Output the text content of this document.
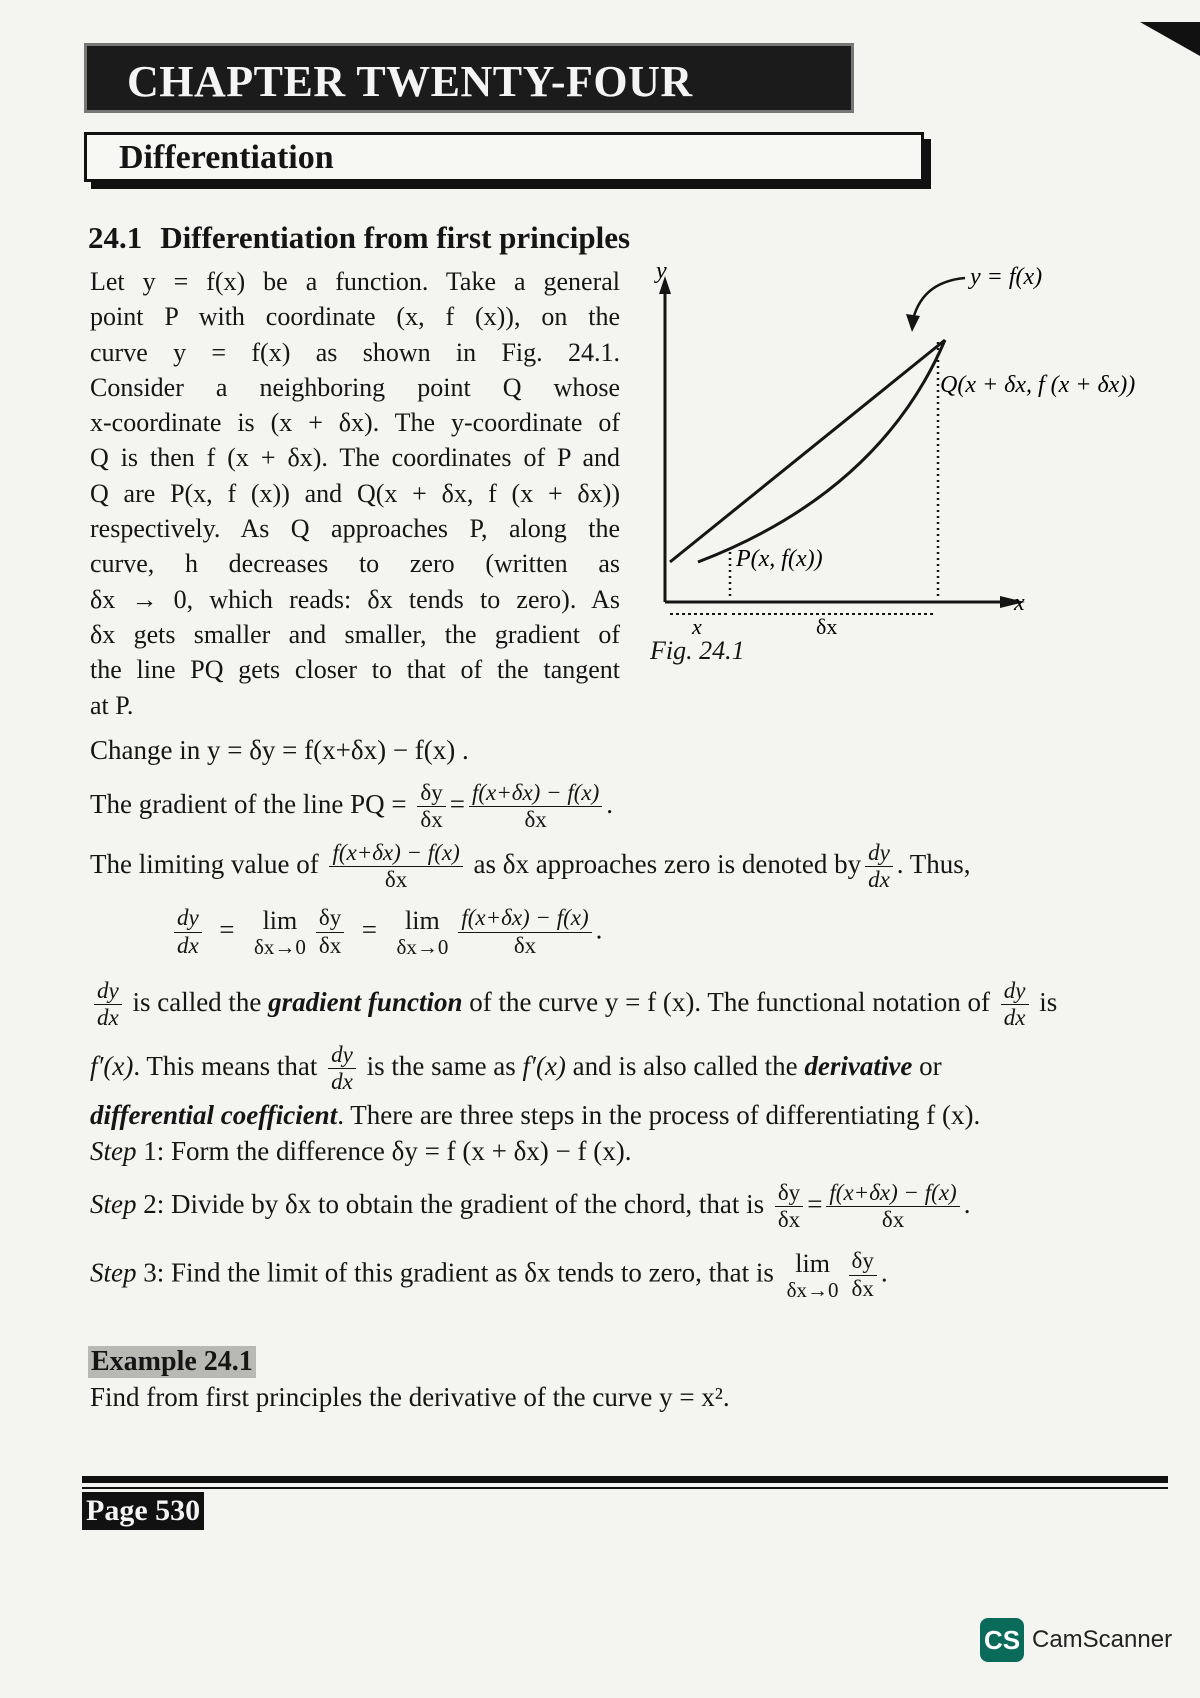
CHAPTER TWENTY-FOUR
Differentiation
24.1 Differentiation from first principles
Let y = f(x) be a function. Take a general
point P with coordinate (x, f (x)), on the
curve y = f(x) as shown in Fig. 24.1.
Consider a neighboring point Q whose
x-coordinate is (x + δx). The y-coordinate of
Q is then f (x + δx). The coordinates of P and
Q are P(x, f (x)) and Q(x + δx, f (x + δx))
respectively. As Q approaches P, along the
curve, h decreases to zero (written as
δx → 0, which reads: δx tends to zero). As
δx gets smaller and smaller, the gradient of
the line PQ gets closer to that of the tangent
at P.
y
x
x	δx
P(x, f(x))
Q(x + δx, f (x + δx))
y = f(x)
Fig. 24.1
Change in y = δy = f(x+δx) − f(x) .
The gradient of the line PQ = $\frac{\delta y}{\delta x} = \frac{f(x+\delta x) - f(x)}{\delta x}$ .
The limiting value of $\frac{f(x+\delta x) - f(x)}{\delta x}$ as δx approaches zero is denoted by $\frac{dy}{dx}$ . Thus,
$\frac{dy}{dx} = \lim$
$\delta x\to 0 \frac{\delta y}{\delta x} = \lim$
$\delta x\to 0 \frac{f(x+\delta x) - f(x)}{\delta x}$ .
$\frac{dy}{dx}$ is called the gradient function of the curve y = f (x). The functional notation of $\frac{dy}{dx}$ is
f′(x). This means that $\frac{dy}{dx}$ is the same as f′(x) and is also called the derivative or
differential coefficient. There are three steps in the process of differentiating f (x).
Step 1: Form the difference δy = f (x + δx) − f (x).
Step 2: Divide by δx to obtain the gradient of the chord, that is $\frac{\delta y}{\delta x} = \frac{f(x+\delta x) - f(x)}{\delta x}$ .
Step 3: Find the limit of this gradient as δx tends to zero, that is lim
$\delta x\to 0 \frac{\delta y}{\delta x}$ .
Example 24.1
Find from first principles the derivative of the curve y = x².
Page 530
CS CamScanner
